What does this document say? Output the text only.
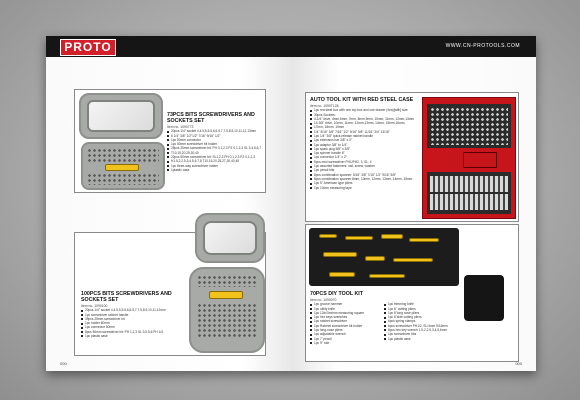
PROTO
73PCS BITS SCREWDRIVERS AND SOCKETS SET
Item no. 1090773
20pcs 1/4" socket 4,4.5,5,5.5,6,6.5,7,7.5,8,9,10,11,12,13mm
6 1/4" 3/8" 1/2"1/2" 7/16" 9/16" 1/2"
1pc 50mm connector
1pc 50mm screwdriver bit holder
25pcs 25mm screwdriver bit: PH 0,1,2,3 PZ 0,1,2,3 SL 3,4,5,6,7
T10,15,20,25,30,40
20pcs 50mm screwdriver bit: SL1,2,3 PH 0,1,2,3 PZ 0,1,2,3
H1.5,2,2.5,3,4,5,6,7,8 T10,15,20,25,27,30,40,45
1pc three-way screwdriver holder
1plastic case
100PCS BITS SCREWDRIVERS AND SOCKETS SET
Item no. 1090100
20pcs 1/4" socket 4,4.5,5,5.5,6,6.5,7,7.5,8,9,10,11,12mm
1pc screwdriver ratchet handle
39pcs 25mm screwdriver bit
1pc holder 60mm
1pc connector 50mm
8pcs 50mm screwdriver bit: PH 1,2,3 SL 3,5,5,6 PH 1/4
1pc plastic case
000
WWW.CN-PROTOOLS.COM
AUTO TOOL KIT WITH RED STEEL CASE
Item no. 1090T128
1pc red steel box with one top box and one drawer (4ea)[with] size
30pcs Sockets:
4-1/4" drive, 4mm,5mm, 7mm, 8mm,9mm, 10mm, 11mm, 12mm,13mm
14-3/8" drive, 10mm, 11mm, 12mm,13mm, 14mm, 15mm,16mm,
17mm, 18mm, 19mm
1/4" 5/16" 3/8" 7/16" 1/2" 9/16" 5/8" 11/16" 3/4" 13/16"
1pc 1/4" 3/8" quick-release ratchet handle
1pc extension bar 3/8" x 3"
1pc adaptor 3/8" to 1/4"
1pc spark plug 5/8" x 3/8"
1pc spinner handle 6"
1pc connector 1/4" x 2"
5pcs mini screwdriver PH1/PH2, 3, SL, 4
1pc assorted fasteners: nail, screw, washer
1pc pencil bits
8pcs combination spanner: 5/16" 3/8" 7/16" 1/2" 9/16" 5/8"
8pcs combination spanner 8mm, 10mm, 12mm, 13mm, 14mm, 15mm
1pc 5" American type pliers
1pc 10mm measuring tape
70PCS DIY TOOL KIT
Item no. 1090070
1pc groove hammer
1pc utility knife
1pc 12in/3m/mm measuring square
1pc hex keys wrenches
1pc ratchet screwdriver
1pc Ratchet screwdriver bit holder
1pc long-nose pliers
1pc adjustable wrench
1pc 7' pencil
1pc 9" rule
1pc trimming knife
1pc 6" cutting pliers
1pc 6"long nose pliers
1pc 6"side cutting pliers
6pcs spring clamps
6pcs screwdriver PH1/2, SL/4mm 5/16mm
8pcs hex key wrench 1.5,2,2.5,3,4,5,6mm
1pc screwdriver bits
1pc plastic case
000
